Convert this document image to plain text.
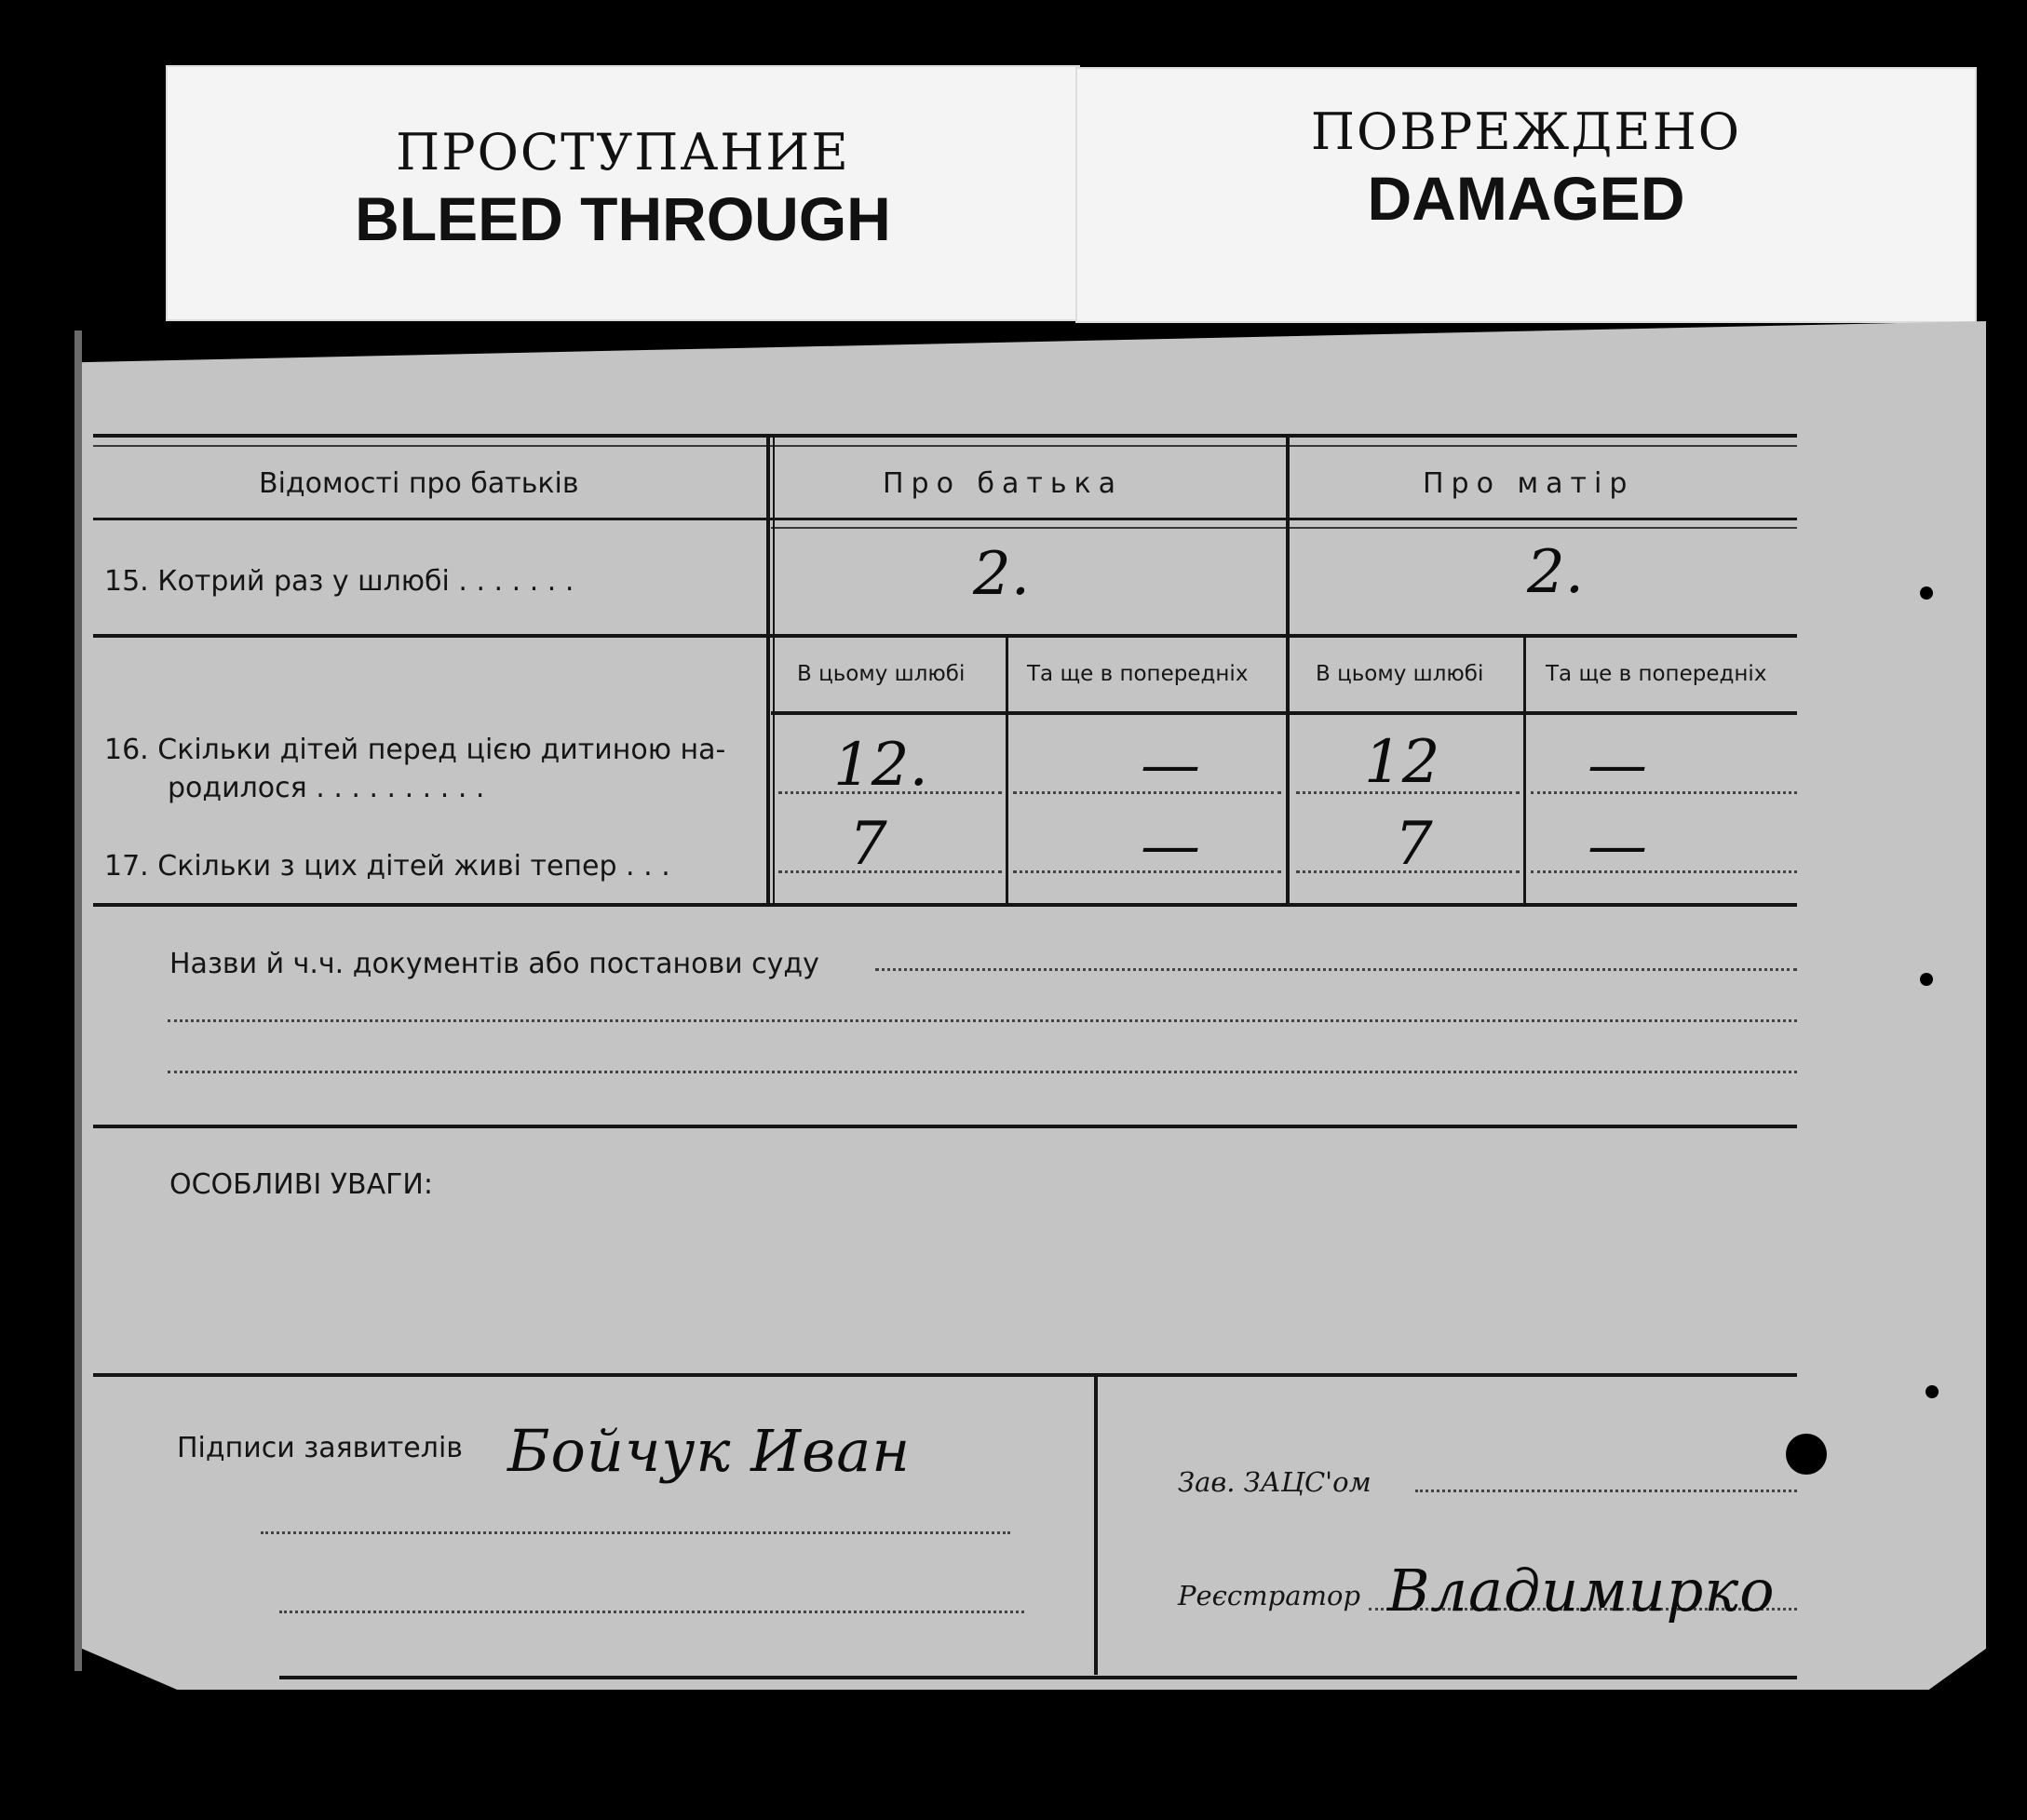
ПРОСТУПАНИЕ
BLEED THROUGH
ПОВРЕЖДЕНО
DAMAGED
Відомості про батьків	Про батька	Про матір
15. Котрий раз у шлюбі . . . . . . .	2.	2.
В цьому шлюбі	Та ще в попередніх	В цьому шлюбі	Та ще в попередніх
16. Скільки дітей перед цією дитиною на-
родилося . . . . . . . . . .	12.	—	12 —
17. Скільки з цих дітей живі тепер . . .	7	—	7	—
Назви й ч.ч. документів або постанови суду
ОСОБЛИВІ УВАГИ:
Підписи заявителів Бойчук Иван	Зав. ЗАЦС'ом
Реєстратор Владимирко
